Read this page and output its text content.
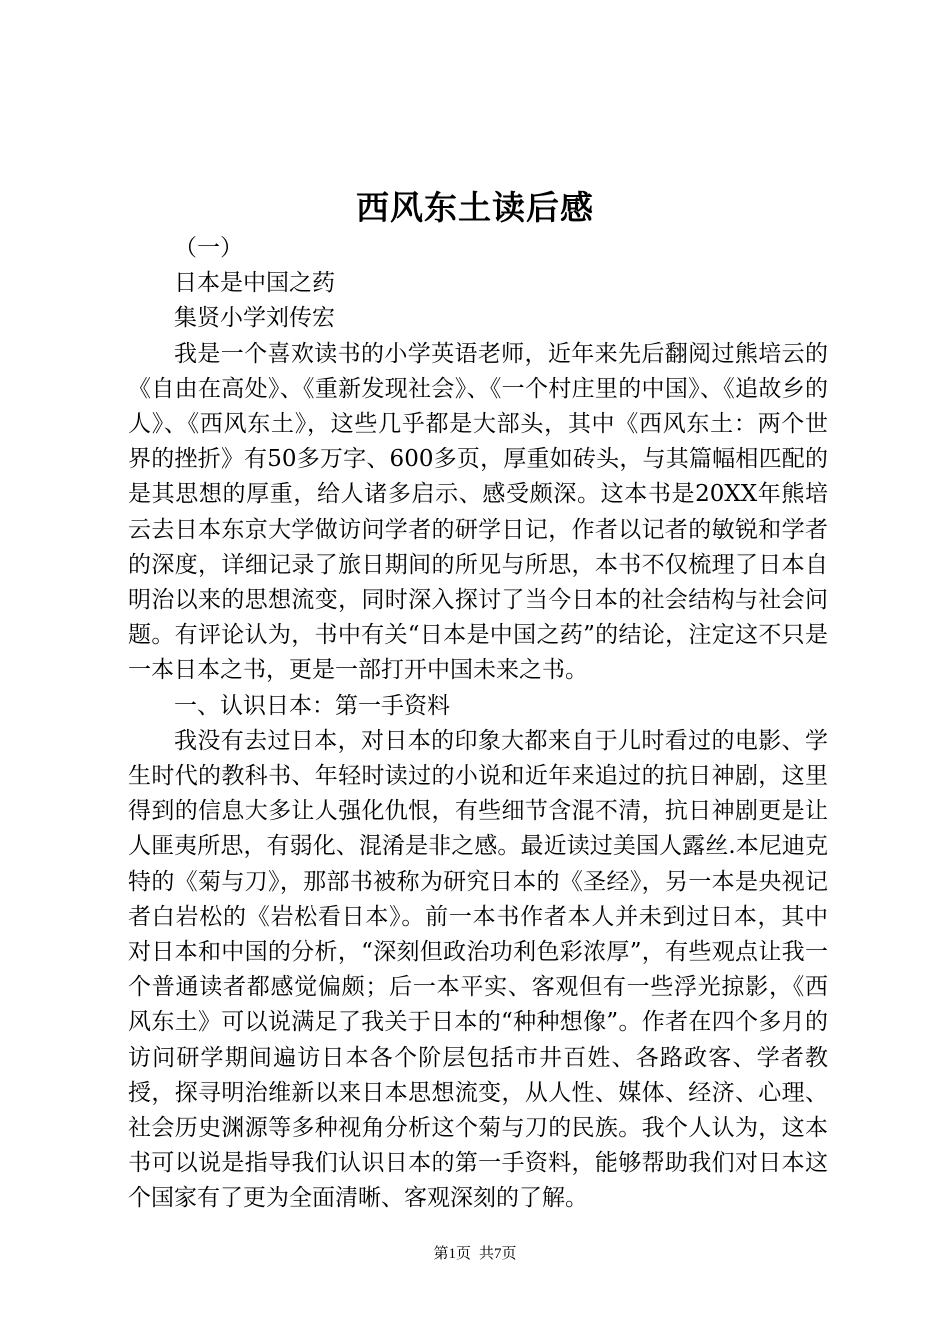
西风东土读后感

（一）

日本是中国之药

集贤小学刘传宏

我是一个喜欢读书的小学英语老师，近年来先后翻阅过熊培云的《自由在高处》、《重新发现社会》、《一个村庄里的中国》、《追故乡的人》、《西风东土》，这些几乎都是大部头，其中《西风东土：两个世界的挫折》有50多万字、600多页，厚重如砖头，与其篇幅相匹配的是其思想的厚重，给人诸多启示、感受颇深。这本书是20XX年熊培云去日本东京大学做访问学者的研学日记，作者以记者的敏锐和学者的深度，详细记录了旅日期间的所见与所思，本书不仅梳理了日本自明治以来的思想流变，同时深入探讨了当今日本的社会结构与社会问题。有评论认为，书中有关“日本是中国之药”的结论，注定这不只是一本日本之书，更是一部打开中国未来之书。

一、认识日本：第一手资料

我没有去过日本，对日本的印象大都来自于儿时看过的电影、学生时代的教科书、年轻时读过的小说和近年来追过的抗日神剧，这里得到的信息大多让人强化仇恨，有些细节含混不清，抗日神剧更是让人匪夷所思，有弱化、混淆是非之感。最近读过美国人露丝.本尼迪克特的《菊与刀》，那部书被称为研究日本的《圣经》，另一本是央视记者白岩松的《岩松看日本》。前一本书作者本人并未到过日本，其中对日本和中国的分析，“深刻但政治功利色彩浓厚”，有些观点让我一个普通读者都感觉偏颇；后一本平实、客观但有一些浮光掠影，《西风东土》可以说满足了我关于日本的“种种想像”。作者在四个多月的访问研学期间遍访日本各个阶层包括市井百姓、各路政客、学者教授，探寻明治维新以来日本思想流变，从人性、媒体、经济、心理、社会历史渊源等多种视角分析这个菊与刀的民族。我个人认为，这本书可以说是指导我们认识日本的第一手资料，能够帮助我们对日本这个国家有了更为全面清晰、客观深刻的了解。

第1页 共7页
